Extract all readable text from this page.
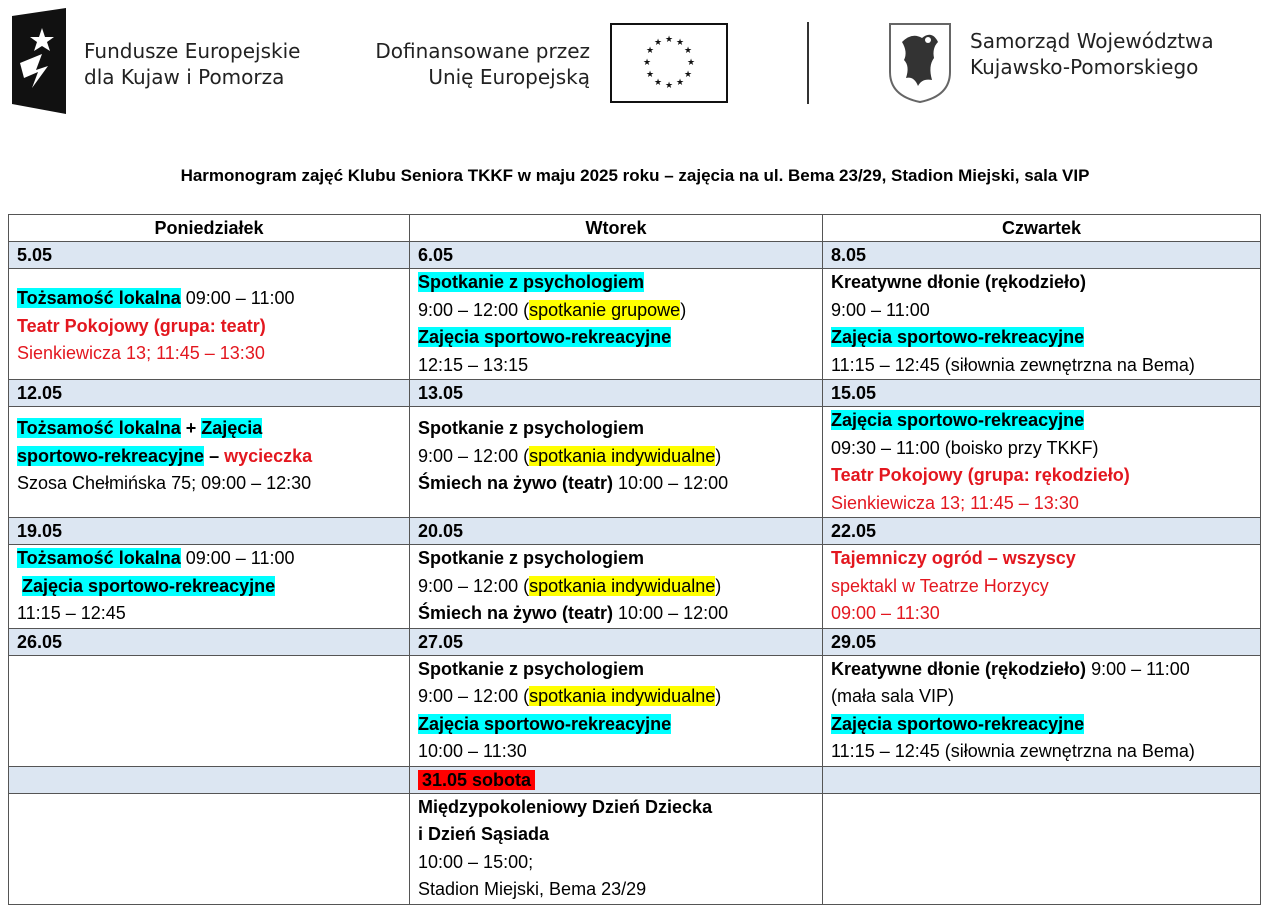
Fundusze Europejskie
dla Kujaw i Pomorza
Dofinansowane przez
Unię Europejską
★ ★
★
★
★
★
★
★
★
★
★
★	Samorząd Województwa
Kujawsko-Pomorskiego
Harmonogram zajęć Klubu Seniora TKKF w maju 2025 roku – zajęcia na ul. Bema 23/29, Stadion Miejski, sala VIP
Poniedziałek	Wtorek	Czwartek
5.05	6.05	8.05

Tożsamość lokalna 09:00 – 11:00
Teatr Pokojowy (grupa: teatr)
Sienkiewicza 13; 11:45 – 13:30	Spotkanie z psychologiem
9:00 – 12:00 (spotkanie grupowe)
Zajęcia sportowo-rekreacyjne
12:15 – 13:15	Kreatywne dłonie (rękodzieło)
9:00 – 11:00
Zajęcia sportowo-rekreacyjne
11:15 – 12:45 (siłownia zewnętrzna na Bema)

12.05	13.05	15.05

Tożsamość lokalna + Zajęcia
sportowo-rekreacyjne – wycieczka
Szosa Chełmińska 75; 09:00 – 12:30	Spotkanie z psychologiem
9:00 – 12:00 (spotkania indywidualne)
Śmiech na żywo (teatr) 10:00 – 12:00	Zajęcia sportowo-rekreacyjne
09:30 – 11:00 (boisko przy TKKF)
Teatr Pokojowy (grupa: rękodzieło)
Sienkiewicza 13; 11:45 – 13:30

19.05	20.05	22.05

Tożsamość lokalna 09:00 – 11:00
Zajęcia sportowo-rekreacyjne
11:15 – 12:45	Spotkanie z psychologiem
9:00 – 12:00 (spotkania indywidualne)
Śmiech na żywo (teatr) 10:00 – 12:00	Tajemniczy ogród – wszyscy
spektakl w Teatrze Horzycy
09:00 – 11:30

26.05	27.05	29.05

	Spotkanie z psychologiem
9:00 – 12:00 (spotkania indywidualne)
Zajęcia sportowo-rekreacyjne
10:00 – 11:30	Kreatywne dłonie (rękodzieło) 9:00 – 11:00
(mała sala VIP)
Zajęcia sportowo-rekreacyjne
11:15 – 12:45 (siłownia zewnętrzna na Bema)

	31.05 sobota	

	Międzypokoleniowy Dzień Dziecka
i Dzień Sąsiada
10:00 – 15:00;
Stadion Miejski, Bema 23/29	
